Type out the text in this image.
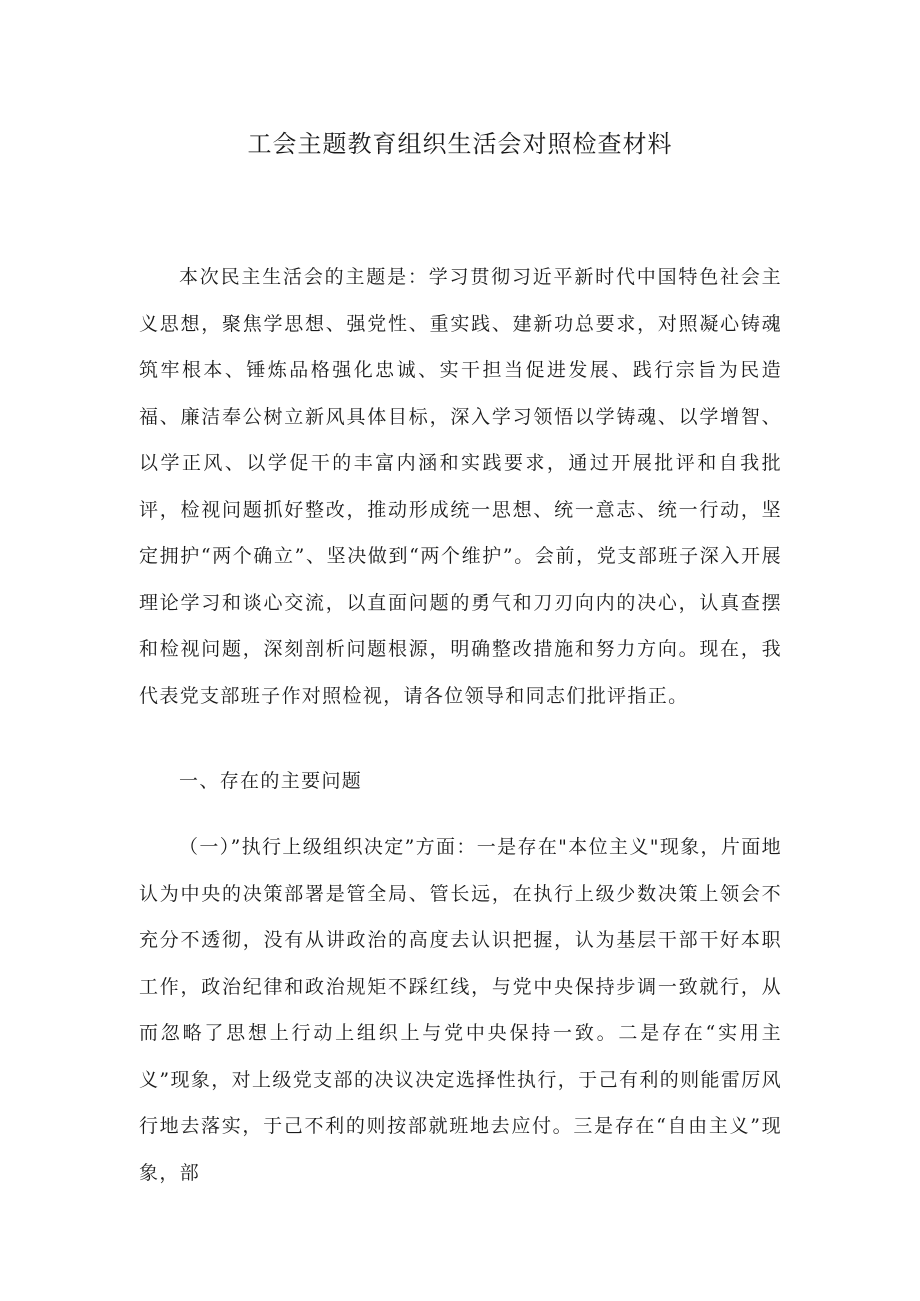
工会主题教育组织生活会对照检查材料

本次民主生活会的主题是：学习贯彻习近平新时代中国特色社会主义思想，聚焦学思想、强党性、重实践、建新功总要求，对照凝心铸魂筑牢根本、锤炼品格强化忠诚、实干担当促进发展、践行宗旨为民造福、廉洁奉公树立新风具体目标，深入学习领悟以学铸魂、以学增智、以学正风、以学促干的丰富内涵和实践要求，通过开展批评和自我批评，检视问题抓好整改，推动形成统一思想、统一意志、统一行动，坚定拥护“两个确立”、坚决做到“两个维护”。会前，党支部班子深入开展理论学习和谈心交流，以直面问题的勇气和刀刃向内的决心，认真查摆和检视问题，深刻剖析问题根源，明确整改措施和努力方向。现在，我代表党支部班子作对照检视，请各位领导和同志们批评指正。

一、存在的主要问题

（一）”执行上级组织决定”方面：一是存在"本位主义"现象，片面地认为中央的决策部署是管全局、管长远，在执行上级少数决策上领会不充分不透彻，没有从讲政治的高度去认识把握，认为基层干部干好本职工作，政治纪律和政治规矩不踩红线，与党中央保持步调一致就行，从而忽略了思想上行动上组织上与党中央保持一致。二是存在“实用主义”现象，对上级党支部的决议决定选择性执行，于己有利的则能雷厉风行地去落实，于己不利的则按部就班地去应付。三是存在“自由主义”现象，部
